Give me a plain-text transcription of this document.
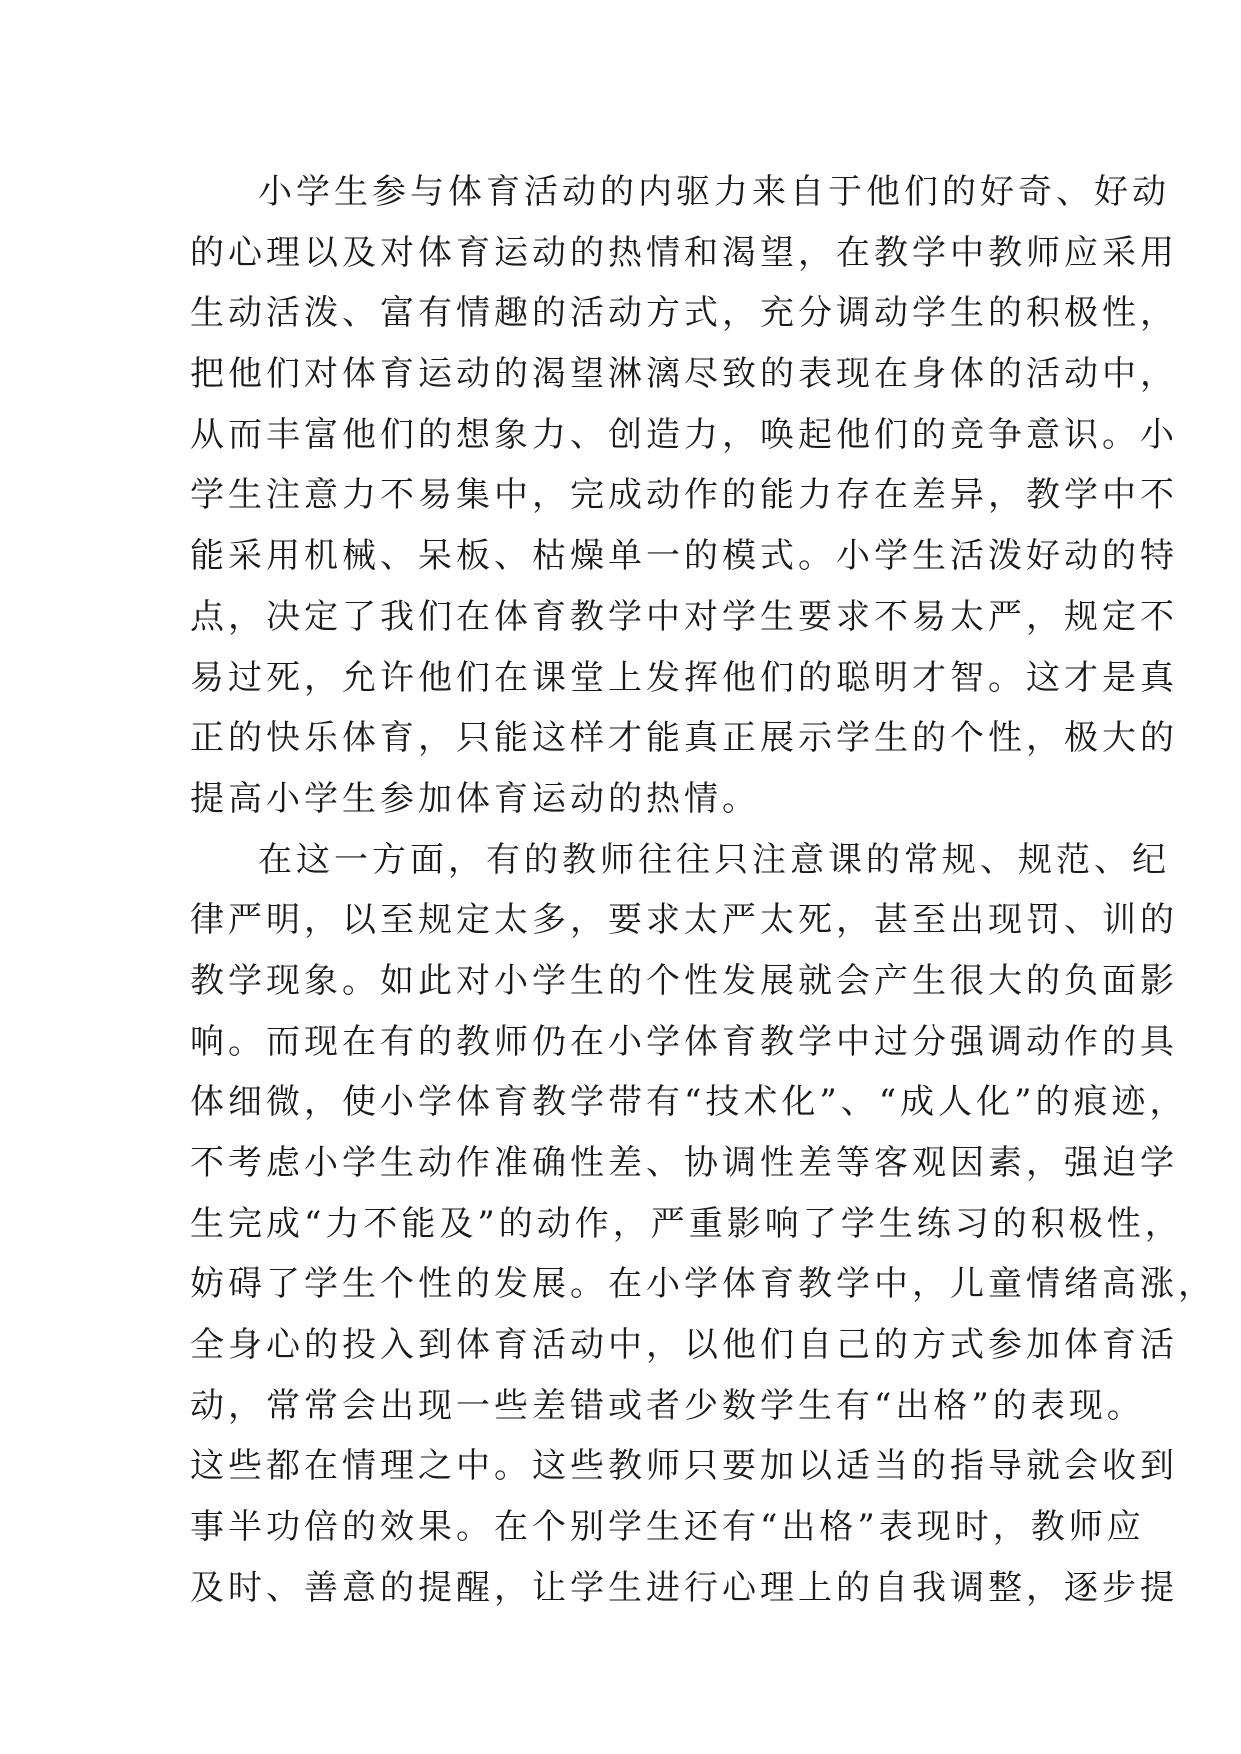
小学生参与体育活动的内驱力来自于他们的好奇、好动
的心理以及对体育运动的热情和渴望，在教学中教师应采用
生动活泼、富有情趣的活动方式，充分调动学生的积极性，
把他们对体育运动的渴望淋漓尽致的表现在身体的活动中，
从而丰富他们的想象力、创造力，唤起他们的竞争意识。小
学生注意力不易集中，完成动作的能力存在差异，教学中不
能采用机械、呆板、枯燥单一的模式。小学生活泼好动的特
点，决定了我们在体育教学中对学生要求不易太严，规定不
易过死，允许他们在课堂上发挥他们的聪明才智。这才是真
正的快乐体育，只能这样才能真正展示学生的个性，极大的
提高小学生参加体育运动的热情。
在这一方面，有的教师往往只注意课的常规、规范、纪
律严明，以至规定太多，要求太严太死，甚至出现罚、训的
教学现象。如此对小学生的个性发展就会产生很大的负面影
响。而现在有的教师仍在小学体育教学中过分强调动作的具
体细微，使小学体育教学带有“技术化”、“成人化”的痕迹，
不考虑小学生动作准确性差、协调性差等客观因素，强迫学
生完成“力不能及”的动作，严重影响了学生练习的积极性，
妨碍了学生个性的发展。在小学体育教学中，儿童情绪高涨，
全身心的投入到体育活动中，以他们自己的方式参加体育活
动，常常会出现一些差错或者少数学生有“出格”的表现。
这些都在情理之中。这些教师只要加以适当的指导就会收到
事半功倍的效果。在个别学生还有“出格”表现时，教师应
及时、善意的提醒，让学生进行心理上的自我调整，逐步提
